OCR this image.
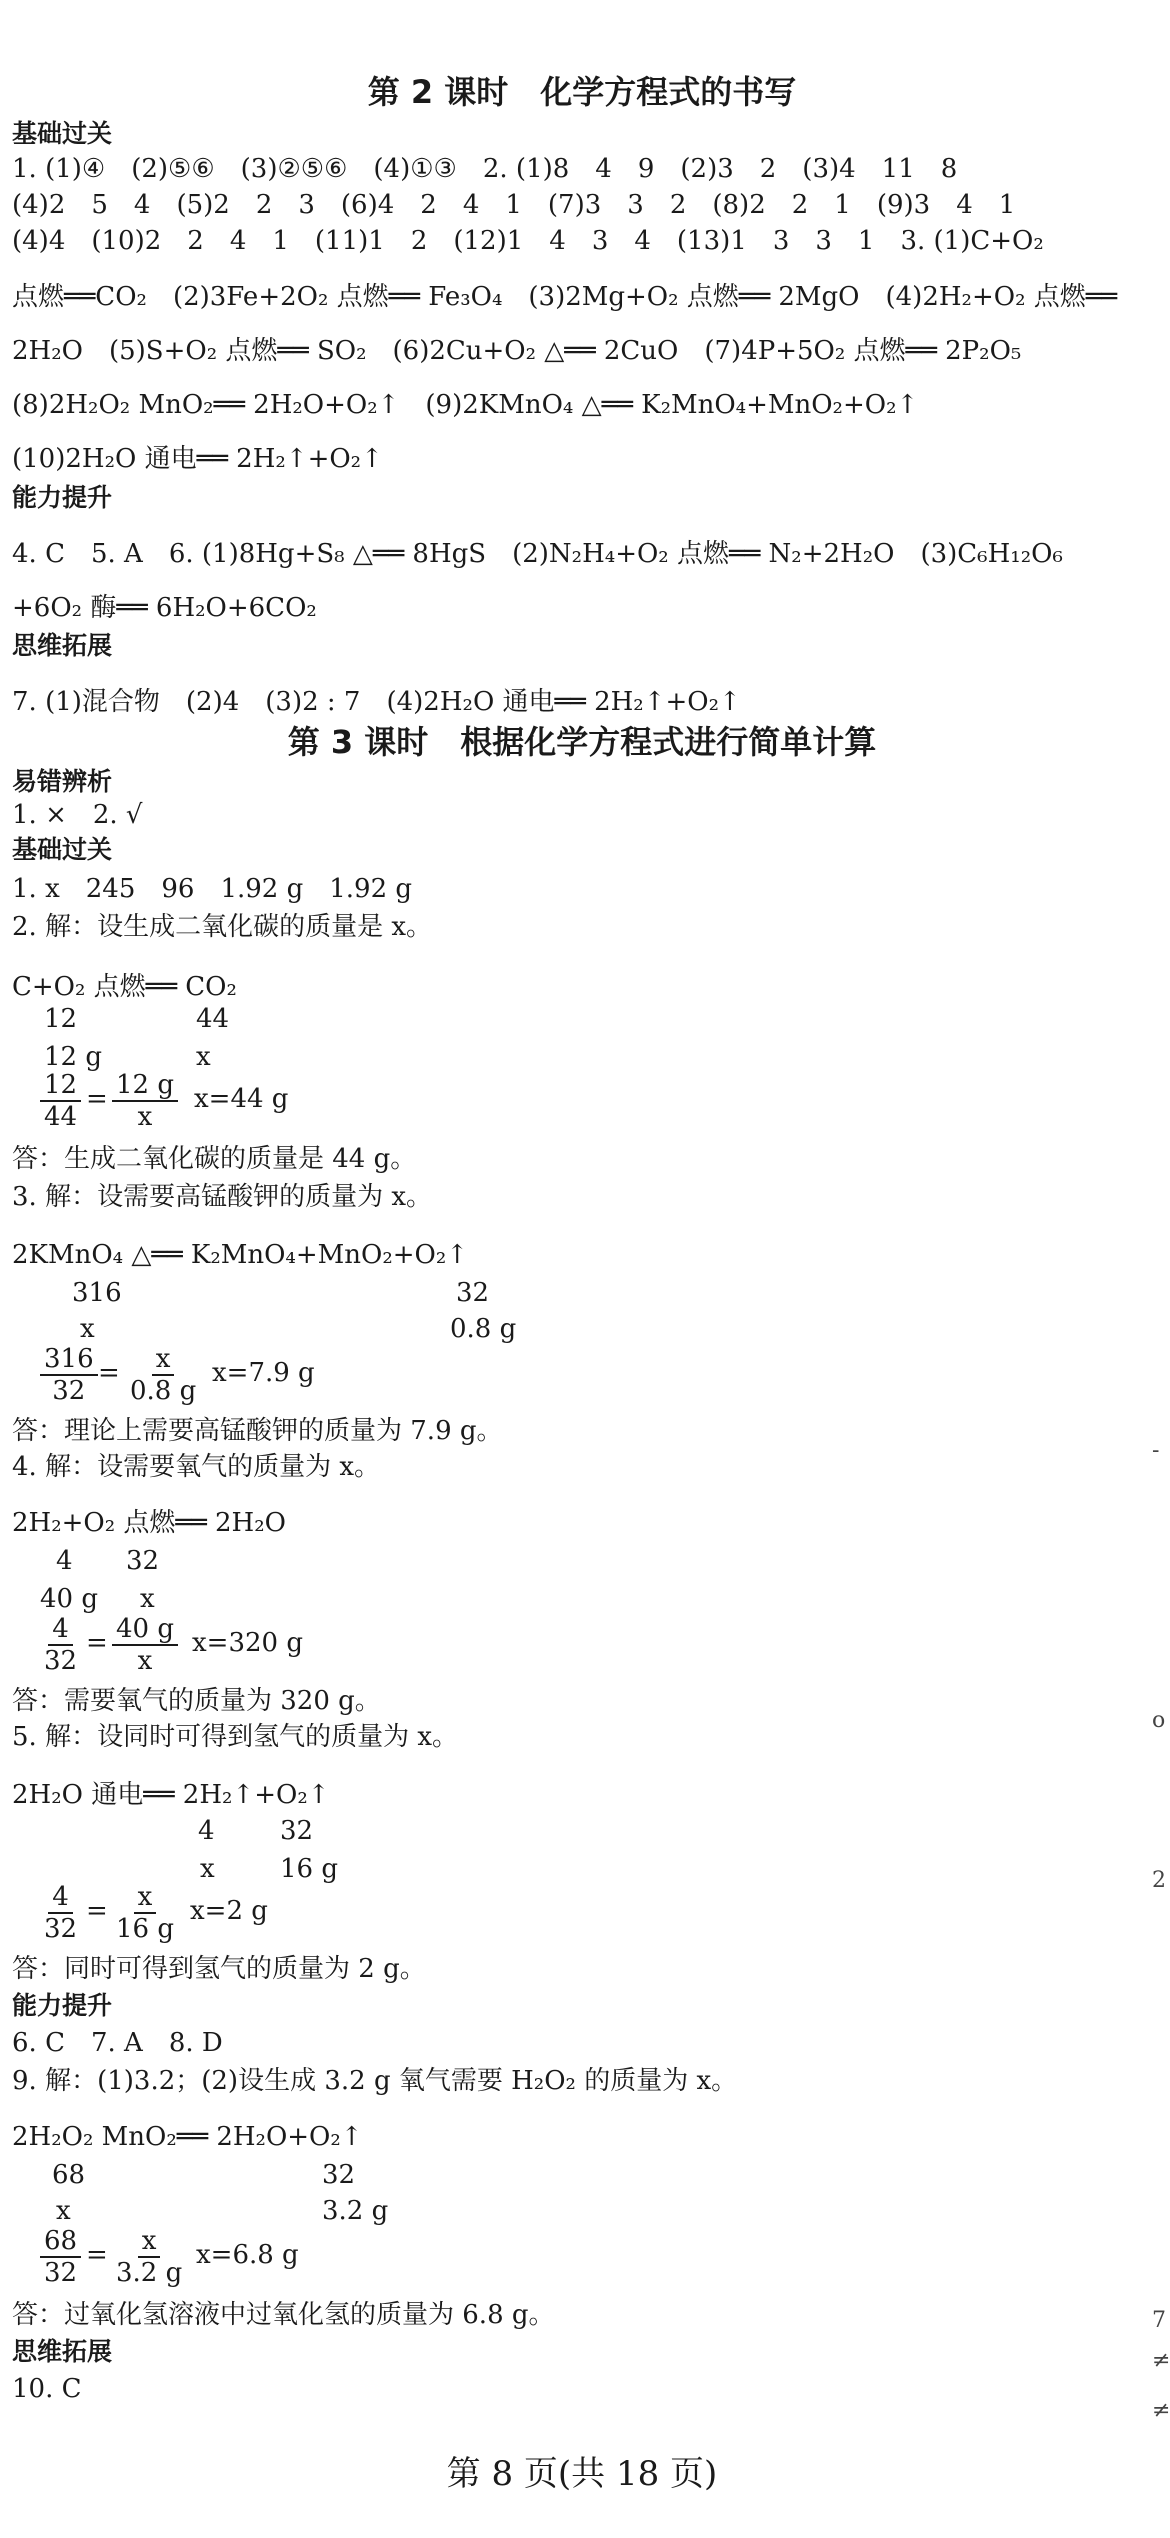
第 2 课时　化学方程式的书写
基础过关
1. (1)④　(2)⑤⑥　(3)②⑤⑥　(4)①③　2. (1)8　4　9　(2)3　2　(3)4　11　8
(4)2　5　4　(5)2　2　3　(6)4　2　4　1　(7)3　3　2　(8)2　2　1　(9)3　4　1
(4)4　(10)2　2　4　1　(11)1　2　(12)1　4　3　4　(13)1　3　3　1　3. (1)C+O₂
点燃══CO₂　(2)3Fe+2O₂ 点燃══ Fe₃O₄　(3)2Mg+O₂ 点燃══ 2MgO　(4)2H₂+O₂ 点燃══
2H₂O　(5)S+O₂ 点燃══ SO₂　(6)2Cu+O₂ △══ 2CuO　(7)4P+5O₂ 点燃══ 2P₂O₅
(8)2H₂O₂ MnO₂══ 2H₂O+O₂↑　(9)2KMnO₄ △══ K₂MnO₄+MnO₂+O₂↑
(10)2H₂O 通电══ 2H₂↑+O₂↑
能力提升
4. C　5. A　6. (1)8Hg+S₈ △══ 8HgS　(2)N₂H₄+O₂ 点燃══ N₂+2H₂O　(3)C₆H₁₂O₆
+6O₂ 酶══ 6H₂O+6CO₂
思维拓展
7. (1)混合物　(2)4　(3)2 : 7　(4)2H₂O 通电══ 2H₂↑+O₂↑
第 3 课时　根据化学方程式进行简单计算
易错辨析
1. ×　2. √
基础过关
1. x　245　96　1.92 g　1.92 g
2. 解：设生成二氧化碳的质量是 x。
C+O₂ 点燃══ CO₂
12	44
12 g	x
$\frac{12}{44} = \frac{12 g}{x} x=44$ g
答：生成二氧化碳的质量是 44 g。
3. 解：设需要高锰酸钾的质量为 x。
2KMnO₄ △══ K₂MnO₄+MnO₂+O₂↑
316	32
x	0.8 g
$\frac{316}{32} = \frac{x}{0.8 g} x=7.9$ g
答：理论上需要高锰酸钾的质量为 7.9 g。
4. 解：设需要氧气的质量为 x。
2H₂+O₂ 点燃══ 2H₂O
4 32
40 g x
$\frac{4}{32} = \frac{40 g}{x} x=320$ g
答：需要氧气的质量为 320 g。
5. 解：设同时可得到氢气的质量为 x。
2H₂O 通电══ 2H₂↑+O₂↑
4	32
x	16 g
$\frac{4}{32} = \frac{x}{16 g} x=2$ g
答：同时可得到氢气的质量为 2 g。
能力提升
6. C　7. A　8. D
9. 解：(1)3.2；(2)设生成 3.2 g 氧气需要 H₂O₂ 的质量为 x。
2H₂O₂ MnO₂══ 2H₂O+O₂↑
68	32
x	3.2 g
$\frac{68}{32} = \frac{x}{3.2 g} x=6.8$ g
答：过氧化氢溶液中过氧化氢的质量为 6.8 g。
思维拓展
10. C
第 8 页(共 18 页)
-
o
2
7
≠
≠
